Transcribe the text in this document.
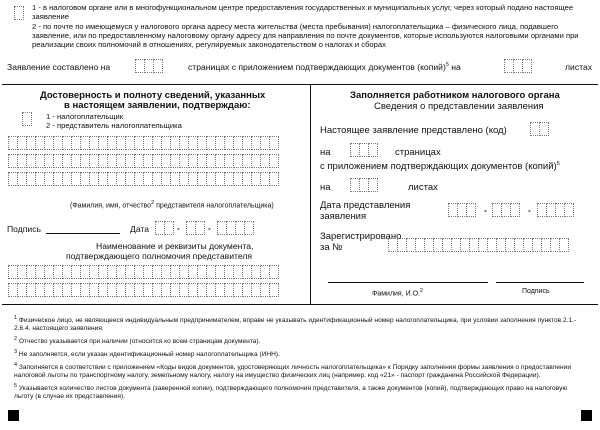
1 - в налоговом органе или в многофункциональном центре предоставления государственных и муниципальных услуг, через который подано настоящее заявление
2 - по почте по имеющемуся у налогового органа адресу места жительства (места пребывания) налогоплательщика – физического лица, подавшего заявление, или по предоставленному налоговому органу адресу для направления по почте документов, которые используются налоговыми органами при реализации своих полномочий в отношениях, регулируемых законодательством о налогах и сборах
Заявление составлено на	страницах с приложением подтверждающих документов (копий)$^5$ на	листах
Достоверность и полноту сведений, указанных
в настоящем заявлении, подтверждаю:
1 - налогоплательщик
2 - представитель налогоплательщика
(Фамилия, имя, отчество$^2$ представителя налогоплательщика)
Подпись	Дата	-	-
Наименование и реквизиты документа,
подтверждающего полномочия представителя
Заполняется работником налогового органа
Сведения о представлении заявления
Настоящее заявление представлено (код)
на	страницах
с приложением подтверждающих документов (копий)$^5$
на	листах
Дата представления
заявления
-	-
Зарегистрировано
за №
Фамилия, И.О.$^2$	Подпись

$^1$ Физическое лицо, не являющееся индивидуальным предпринимателем, вправе не указывать идентификационный номер налогоплательщика, при условии заполнения пунктов 2.1.- 2.6.4. настоящего заявления.

$^2$ Отчество указывается при наличии (относится ко всем страницам документа).

$^3$ Не заполняется, если указан идентификационный номер налогоплательщика (ИНН).

$^4$ Заполняется в соответствии с приложением «Коды видов документов, удостоверяющих личность налогоплательщика» к Порядку заполнения формы заявления о предоставлении налоговой льготы по транспортному налогу, земельному налогу, налогу на имущество физических лиц (например, код «21» - паспорт гражданина Российской Федерации).

$^5$ Указывается количество листов документа (заверенной копии), подтверждающего полномочия представителя, а также документов (копий), подтверждающих право на налоговую льготу (в случае их представления).
